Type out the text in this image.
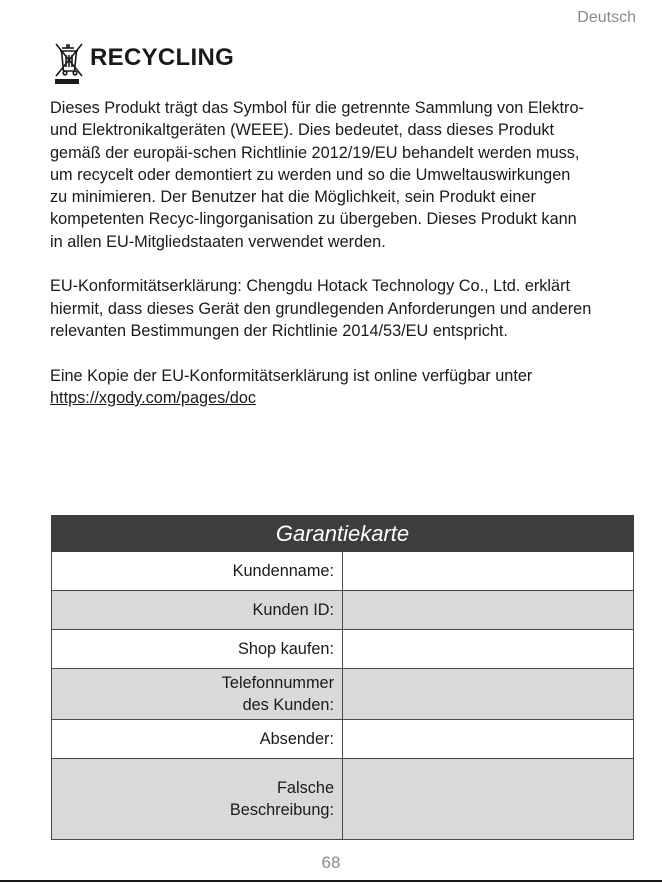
Deutsch
RECYCLING

Dieses Produkt trägt das Symbol für die getrennte Sammlung von Elektro-

und Elektronikaltgeräten (WEEE). Dies bedeutet, dass dieses Produkt

gemäß der europäi-schen Richtlinie 2012/19/EU behandelt werden muss,

um recycelt oder demontiert zu werden und so die Umweltauswirkungen

zu minimieren. Der Benutzer hat die Möglichkeit, sein Produkt einer

kompetenten Recyc-lingorganisation zu übergeben. Dieses Produkt kann

in allen EU-Mitgliedstaaten verwendet werden.

EU-Konformitätserklärung: Chengdu Hotack Technology Co., Ltd. erklärt

hiermit, dass dieses Gerät den grundlegenden Anforderungen und anderen

relevanten Bestimmungen der Richtlinie 2014/53/EU entspricht.

Eine Kopie der EU-Konformitätserklärung ist online verfügbar unter

https://xgody.com/pages/doc

Garantiekarte	
Kundenname:	
Kunden ID:	
Shop kaufen:	
Telefonnummer
des Kunden:	
Absender:	
Falsche
Beschreibung:	
68
